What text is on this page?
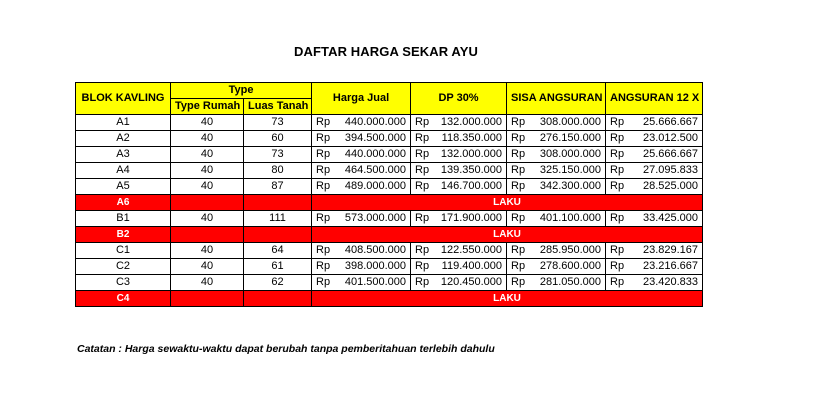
DAFTAR HARGA SEKAR AYU
BLOK KAVLING	Type		Harga Jual	DP 30%	SISA ANGSURAN	ANGSURAN 12 X
	Type Rumah	Luas Tanah				
A1	40	73	Rp 440.000.000	Rp 132.000.000	Rp 308.000.000	Rp 25.666.667

A2	40	60	Rp 394.500.000	Rp 118.350.000	Rp 276.150.000	Rp 23.012.500

A3	40	73	Rp 440.000.000	Rp 132.000.000	Rp 308.000.000	Rp 25.666.667

A4	40	80	Rp 464.500.000	Rp 139.350.000	Rp 325.150.000	Rp 27.095.833

A5	40	87	Rp 489.000.000	Rp 146.700.000	Rp 342.300.000	Rp 28.525.000

A6			LAKU			
B1	40	111	Rp 573.000.000	Rp 171.900.000	Rp 401.100.000	Rp 33.425.000

B2			LAKU			
C1	40	64	Rp 408.500.000	Rp 122.550.000	Rp 285.950.000	Rp 23.829.167

C2	40	61	Rp 398.000.000	Rp 119.400.000	Rp 278.600.000	Rp 23.216.667

C3	40	62	Rp 401.500.000	Rp 120.450.000	Rp 281.050.000	Rp 23.420.833

C4			LAKU			
Catatan : Harga sewaktu-waktu dapat berubah tanpa pemberitahuan terlebih dahulu
